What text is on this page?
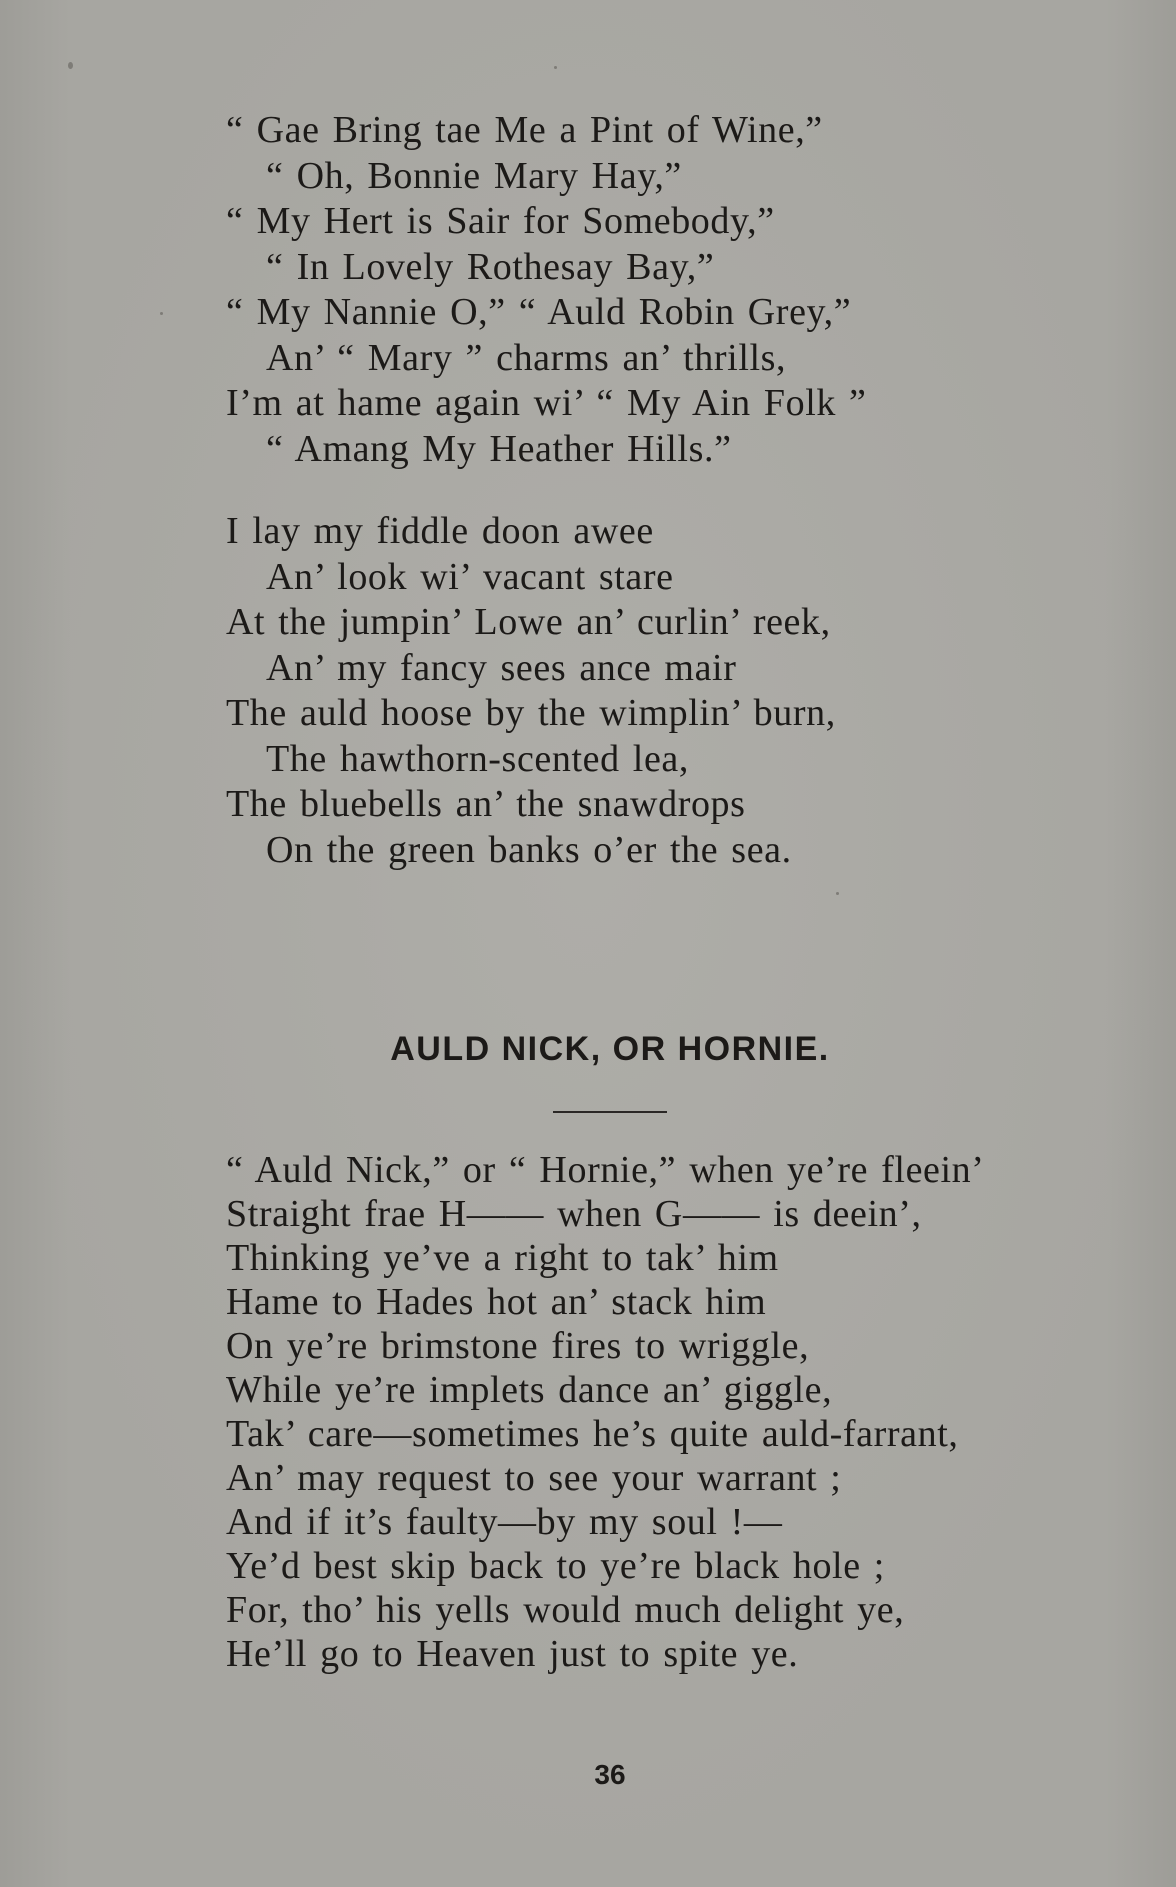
“ Gae Bring tae Me a Pint of Wine,”
“ Oh, Bonnie Mary Hay,”
“ My Hert is Sair for Somebody,”
“ In Lovely Rothesay Bay,”
“ My Nannie O,” “ Auld Robin Grey,”
An’ “ Mary ” charms an’ thrills,
I’m at hame again wi’ “ My Ain Folk ”
“ Amang My Heather Hills.”
I lay my fiddle doon awee
An’ look wi’ vacant stare
At the jumpin’ Lowe an’ curlin’ reek,
An’ my fancy sees ance mair
The auld hoose by the wimplin’ burn,
The hawthorn-scented lea,
The bluebells an’ the snawdrops
On the green banks o’er the sea.
AULD NICK, OR HORNIE.
“ Auld Nick,” or “ Hornie,” when ye’re fleein’
Straight frae H—— when G—— is deein’,
Thinking ye’ve a right to tak’ him
Hame to Hades hot an’ stack him
On ye’re brimstone fires to wriggle,
While ye’re implets dance an’ giggle,
Tak’ care—sometimes he’s quite auld-farrant,
An’ may request to see your warrant ;
And if it’s faulty—by my soul !—
Ye’d best skip back to ye’re black hole ;
For, tho’ his yells would much delight ye,
He’ll go to Heaven just to spite ye.
36
